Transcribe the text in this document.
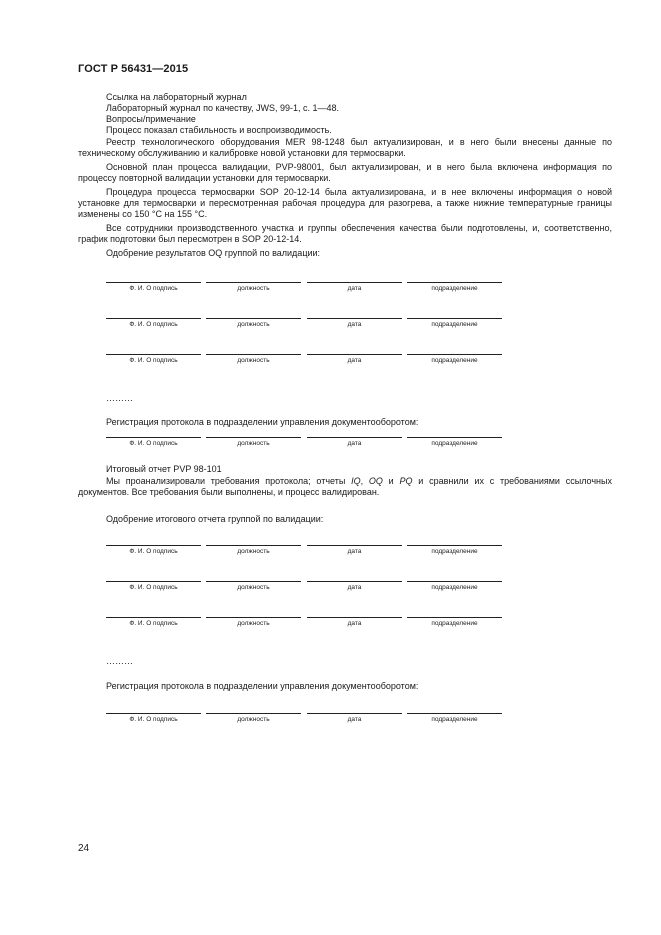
ГОСТ Р 56431—2015
Ссылка на лабораторный журнал
Лабораторный журнал по качеству, JWS, 99-1, с. 1—48.
Вопросы/примечание
Процесс показал стабильность и воспроизводимость.
Реестр технологического оборудования MER 98-1248 был актуализирован, и в него были внесены данные по техническому обслуживанию и калибровке новой установки для термосварки.
Основной план процесса валидации, PVP-98001, был актуализирован, и в него была включена информация по процессу повторной валидации установки для термосварки.
Процедура процесса термосварки SOP 20-12-14 была актуализирована, и в нее включены информация о новой установке для термосварки и пересмотренная рабочая процедура для разогрева, а также нижние температурные границы изменены со 150 °С на 155 °С.
Все сотрудники производственного участка и группы обеспечения качества были подготовлены, и, соответственно, график подготовки был пересмотрен в SOP 20-12-14.
Одобрение результатов OQ группой по валидации:
Ф. И. О подпись	должность	дата	подразделение
Ф. И. О подпись	должность	дата	подразделение
Ф. И. О подпись	должность	дата	подразделение
………
Регистрация протокола в подразделении управления документооборотом:
Ф. И. О подпись	должность	дата	подразделение
Итоговый отчет PVP 98-101
Мы проанализировали требования протокола; отчеты IQ, OQ и PQ и сравнили их с требованиями ссылочных документов. Все требования были выполнены, и процесс валидирован.
Одобрение итогового отчета группой по валидации:
Ф. И. О подпись	должность	дата	подразделение
Ф. И. О подпись	должность	дата	подразделение
Ф. И. О подпись	должность	дата	подразделение
………
Регистрация протокола в подразделении управления документооборотом:
Ф. И. О подпись	должность	дата	подразделение
24
